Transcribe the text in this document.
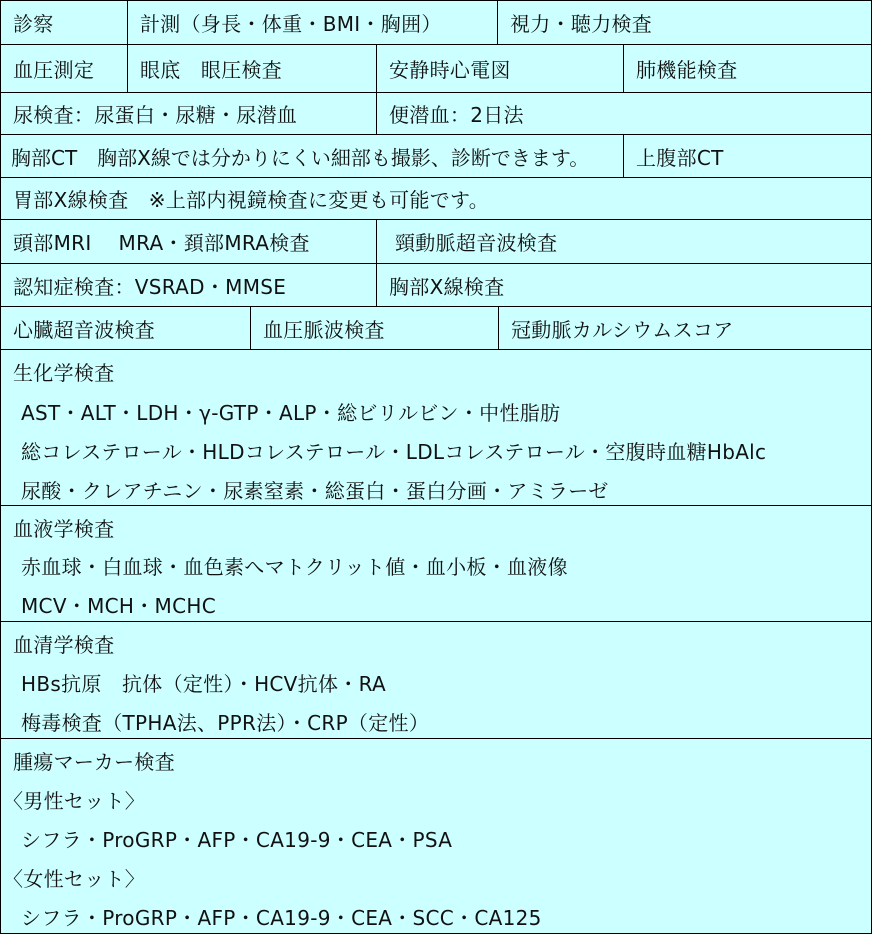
診察	計測（身長・体重・BMI・胸囲）	視力・聴力検査
血圧測定	眼底　眼圧検査	安静時心電図	肺機能検査
尿検査：尿蛋白・尿糖・尿潜血	便潜血：2日法
胸部CT　胸部X線では分かりにくい細部も撮影、診断できます。	上腹部CT
胃部X線検査　※上部内視鏡検査に変更も可能です。
頭部MRI　 MRA・頚部MRA検査	頸動脈超音波検査
認知症検査：VSRAD・MMSE	胸部X線検査
心臓超音波検査	血圧脈波検査	冠動脈カルシウムスコア
生化学検査
AST・ALT・LDH・γ-GTP・ALP・総ビリルビン・中性脂肪
総コレステロール・HLDコレステロール・LDLコレステロール・空腹時血糖HbAlc
尿酸・クレアチニン・尿素窒素・総蛋白・蛋白分画・アミラーゼ
血液学検査
赤血球・白血球・血色素へマトクリット値・血小板・血液像
MCV・MCH・MCHC
血清学検査
HBs抗原　抗体（定性）・HCV抗体・RA
梅毒検査（TPHA法、PPR法）・CRP（定性）
腫瘍マーカー検査
〈男性セット〉
シフラ・ProGRP・AFP・CA19-9・CEA・PSA
〈女性セット〉
シフラ・ProGRP・AFP・CA19-9・CEA・SCC・CA125
